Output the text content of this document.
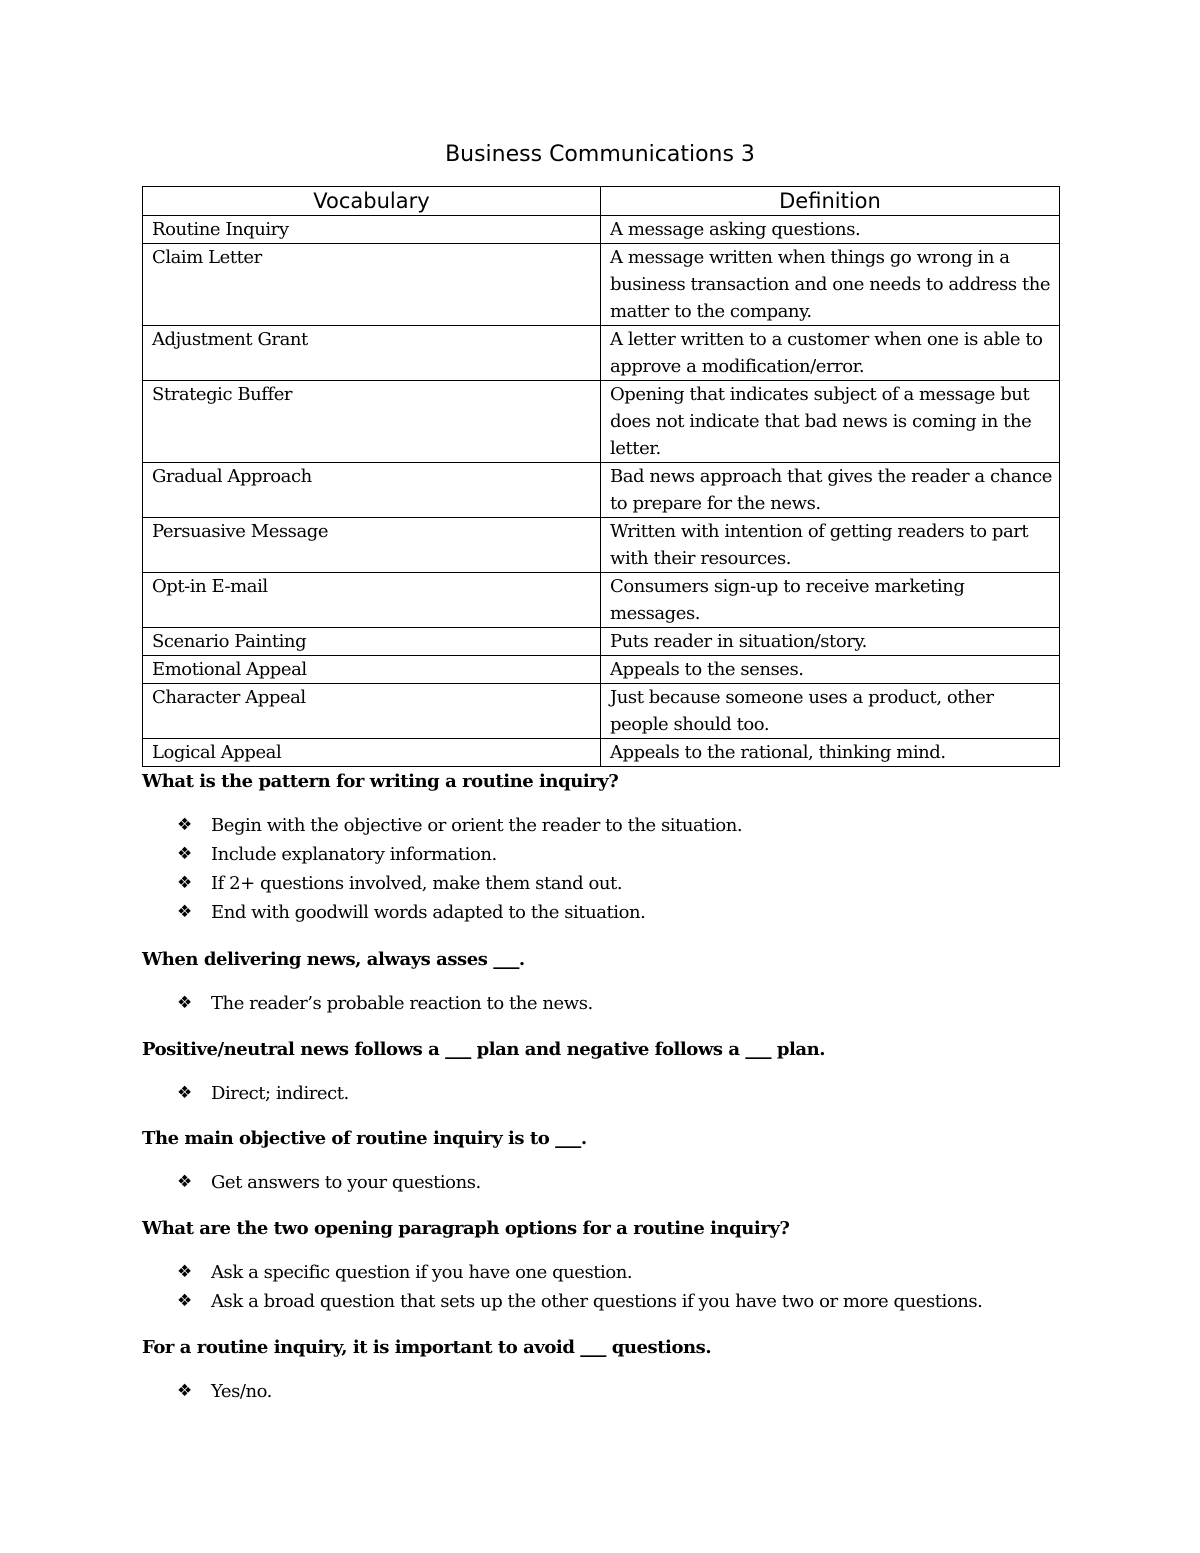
Business Communications 3
Vocabulary	Definition
Routine Inquiry	A message asking questions.
Claim Letter	A message written when things go wrong in a business transaction and one needs to address the matter to the company.
Adjustment Grant	A letter written to a customer when one is able to approve a modification/error.
Strategic Buffer	Opening that indicates subject of a message but does not indicate that bad news is coming in the letter.
Gradual Approach	Bad news approach that gives the reader a chance to prepare for the news.
Persuasive Message	Written with intention of getting readers to part with their resources.
Opt-in E-mail	Consumers sign-up to receive marketing messages.
Scenario Painting	Puts reader in situation/story.
Emotional Appeal	Appeals to the senses.
Character Appeal	Just because someone uses a product, other people should too.
Logical Appeal	Appeals to the rational, thinking mind.

What is the pattern for writing a routine inquiry?

❖ Begin with the objective or orient the reader to the situation.
❖ Include explanatory information.
❖ If 2+ questions involved, make them stand out.
❖ End with goodwill words adapted to the situation.

When delivering news, always asses ___.

❖ The reader’s probable reaction to the news.

Positive/neutral news follows a ___ plan and negative follows a ___ plan.

❖ Direct; indirect.

The main objective of routine inquiry is to ___.

❖ Get answers to your questions.

What are the two opening paragraph options for a routine inquiry?

❖ Ask a specific question if you have one question.
❖ Ask a broad question that sets up the other questions if you have two or more questions.

For a routine inquiry, it is important to avoid ___ questions.

❖ Yes/no.
